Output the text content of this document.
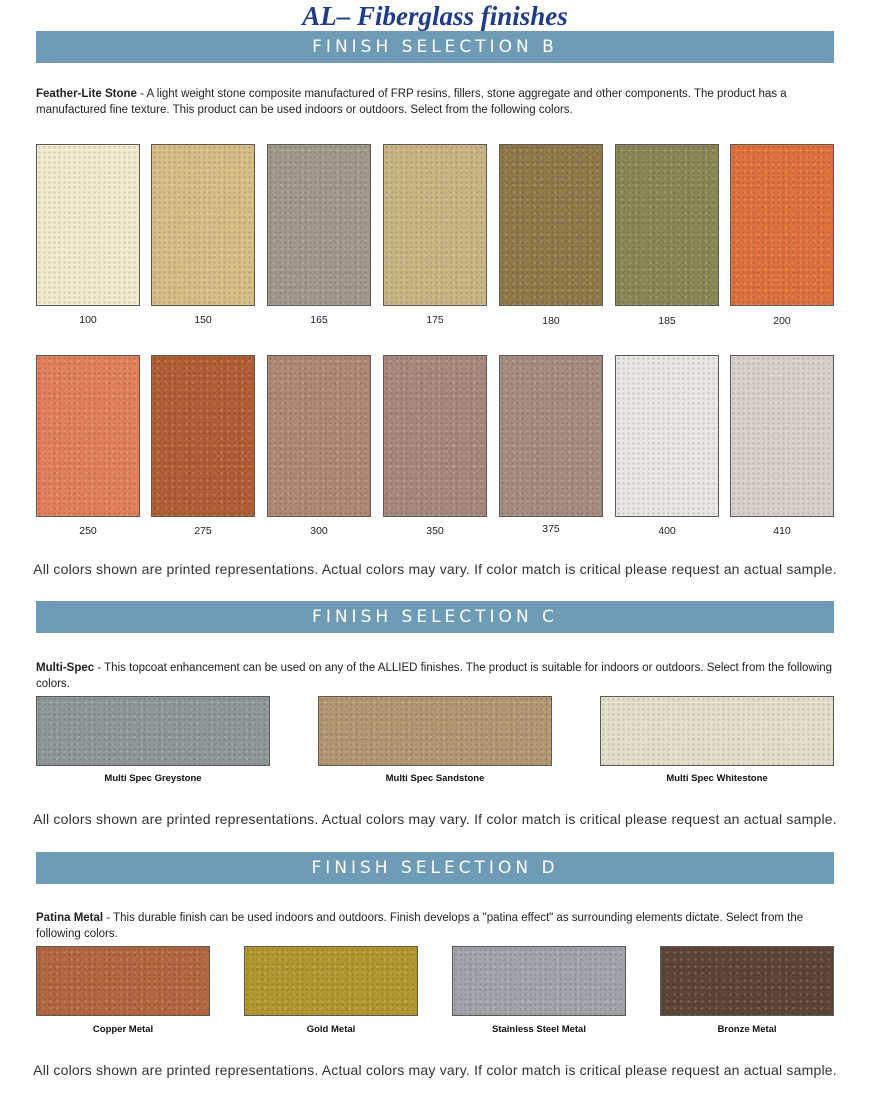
AL– Fiberglass finishes
FINISH SELECTION B
Feather-Lite Stone - A light weight stone composite manufactured of FRP resins, fillers, stone aggregate and other components. The product has a manufactured fine texture. This product can be used indoors or outdoors. Select from the following colors.
100	150	165	175	180	185	200
250	275	300	350	375	400	410
All colors shown are printed representations. Actual colors may vary. If color match is critical please request an actual sample.
FINISH SELECTION C
Multi-Spec - This topcoat enhancement can be used on any of the ALLIED finishes. The product is suitable for indoors or outdoors. Select from the following colors.
Multi Spec Greystone	Multi Spec Sandstone	Multi Spec Whitestone
All colors shown are printed representations. Actual colors may vary. If color match is critical please request an actual sample.
FINISH SELECTION D
Patina Metal - This durable finish can be used indoors and outdoors. Finish develops a "patina effect" as surrounding elements dictate. Select from the following colors.
Copper Metal	Gold Metal	Stainless Steel Metal	Bronze Metal
All colors shown are printed representations. Actual colors may vary. If color match is critical please request an actual sample.
